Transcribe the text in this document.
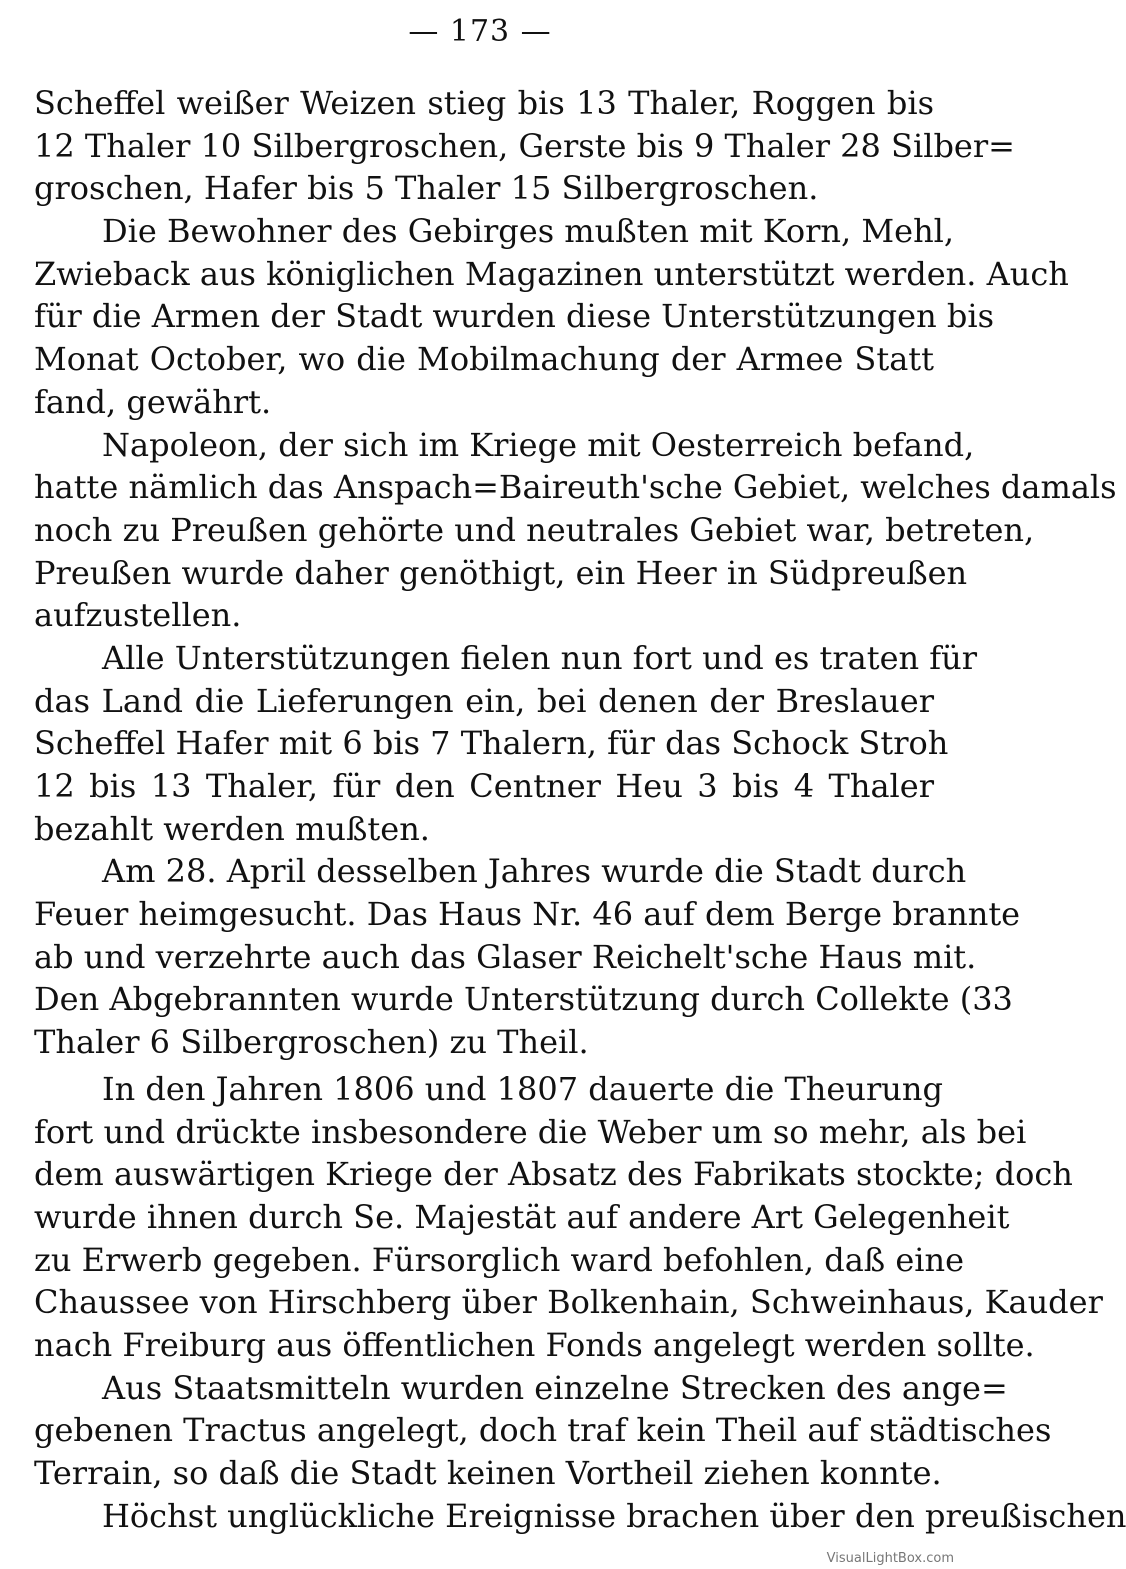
— 173 —
Scheffel weißer Weizen stieg bis 13 Thaler, Roggen bis
12 Thaler 10 Silbergroschen, Gerste bis 9 Thaler 28 Silber=
groschen, Hafer bis 5 Thaler 15 Silbergroschen.
Die Bewohner des Gebirges mußten mit Korn, Mehl,
Zwieback aus königlichen Magazinen unterstützt werden. Auch
für die Armen der Stadt wurden diese Unterstützungen bis
Monat October, wo die Mobilmachung der Armee Statt
fand, gewährt.
Napoleon, der sich im Kriege mit Oesterreich befand,
hatte nämlich das Anspach=Baireuth'sche Gebiet, welches damals
noch zu Preußen gehörte und neutrales Gebiet war, betreten,
Preußen wurde daher genöthigt, ein Heer in Südpreußen
aufzustellen.
Alle Unterstützungen fielen nun fort und es traten für
das Land die Lieferungen ein, bei denen der Breslauer
Scheffel Hafer mit 6 bis 7 Thalern, für das Schock Stroh
12 bis 13 Thaler, für den Centner Heu 3 bis 4 Thaler
bezahlt werden mußten.
Am 28. April desselben Jahres wurde die Stadt durch
Feuer heimgesucht. Das Haus Nr. 46 auf dem Berge brannte
ab und verzehrte auch das Glaser Reichelt'sche Haus mit.
Den Abgebrannten wurde Unterstützung durch Collekte (33
Thaler 6 Silbergroschen) zu Theil.
In den Jahren 1806 und 1807 dauerte die Theurung
fort und drückte insbesondere die Weber um so mehr, als bei
dem auswärtigen Kriege der Absatz des Fabrikats stockte; doch
wurde ihnen durch Se. Majestät auf andere Art Gelegenheit
zu Erwerb gegeben. Fürsorglich ward befohlen, daß eine
Chaussee von Hirschberg über Bolkenhain, Schweinhaus, Kauder
nach Freiburg aus öffentlichen Fonds angelegt werden sollte.
Aus Staatsmitteln wurden einzelne Strecken des ange=
gebenen Tractus angelegt, doch traf kein Theil auf städtisches
Terrain, so daß die Stadt keinen Vortheil ziehen konnte.
Höchst unglückliche Ereignisse brachen über den preußischen
VisualLightBox.com
